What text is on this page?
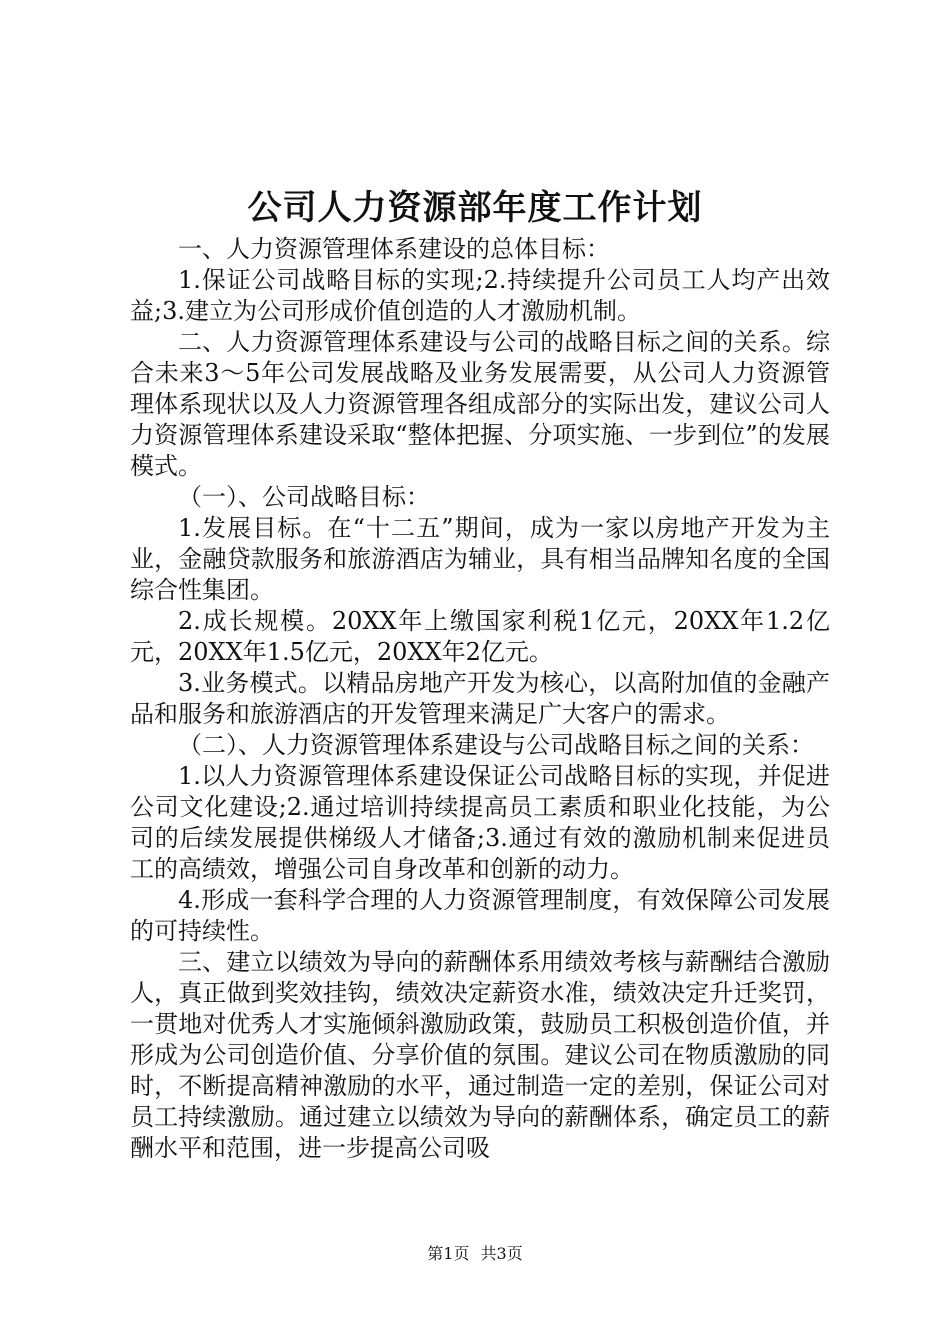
公司人力资源部年度工作计划

一、人力资源管理体系建设的总体目标：

1.保证公司战略目标的实现;2.持续提升公司员工人均产出效益;3.建立为公司形成价值创造的人才激励机制。

二、人力资源管理体系建设与公司的战略目标之间的关系。综合未来3～5年公司发展战略及业务发展需要，从公司人力资源管理体系现状以及人力资源管理各组成部分的实际出发，建议公司人力资源管理体系建设采取“整体把握、分项实施、一步到位”的发展模式。

（一）、公司战略目标：

1.发展目标。在“十二五”期间，成为一家以房地产开发为主业，金融贷款服务和旅游酒店为辅业，具有相当品牌知名度的全国综合性集团。

2.成长规模。20XX年上缴国家利税1亿元，20XX年1.2亿元，20XX年1.5亿元，20XX年2亿元。

3.业务模式。以精品房地产开发为核心，以高附加值的金融产品和服务和旅游酒店的开发管理来满足广大客户的需求。

（二）、人力资源管理体系建设与公司战略目标之间的关系：

1.以人力资源管理体系建设保证公司战略目标的实现，并促进公司文化建设;2.通过培训持续提高员工素质和职业化技能，为公司的后续发展提供梯级人才储备;3.通过有效的激励机制来促进员工的高绩效，增强公司自身改革和创新的动力。

4.形成一套科学合理的人力资源管理制度，有效保障公司发展的可持续性。

三、建立以绩效为导向的薪酬体系用绩效考核与薪酬结合激励人，真正做到奖效挂钩，绩效决定薪资水准，绩效决定升迁奖罚，一贯地对优秀人才实施倾斜激励政策，鼓励员工积极创造价值，并形成为公司创造价值、分享价值的氛围。建议公司在物质激励的同时，不断提高精神激励的水平，通过制造一定的差别，保证公司对员工持续激励。通过建立以绩效为导向的薪酬体系，确定员工的薪酬水平和范围，进一步提高公司吸

第1页 共3页
